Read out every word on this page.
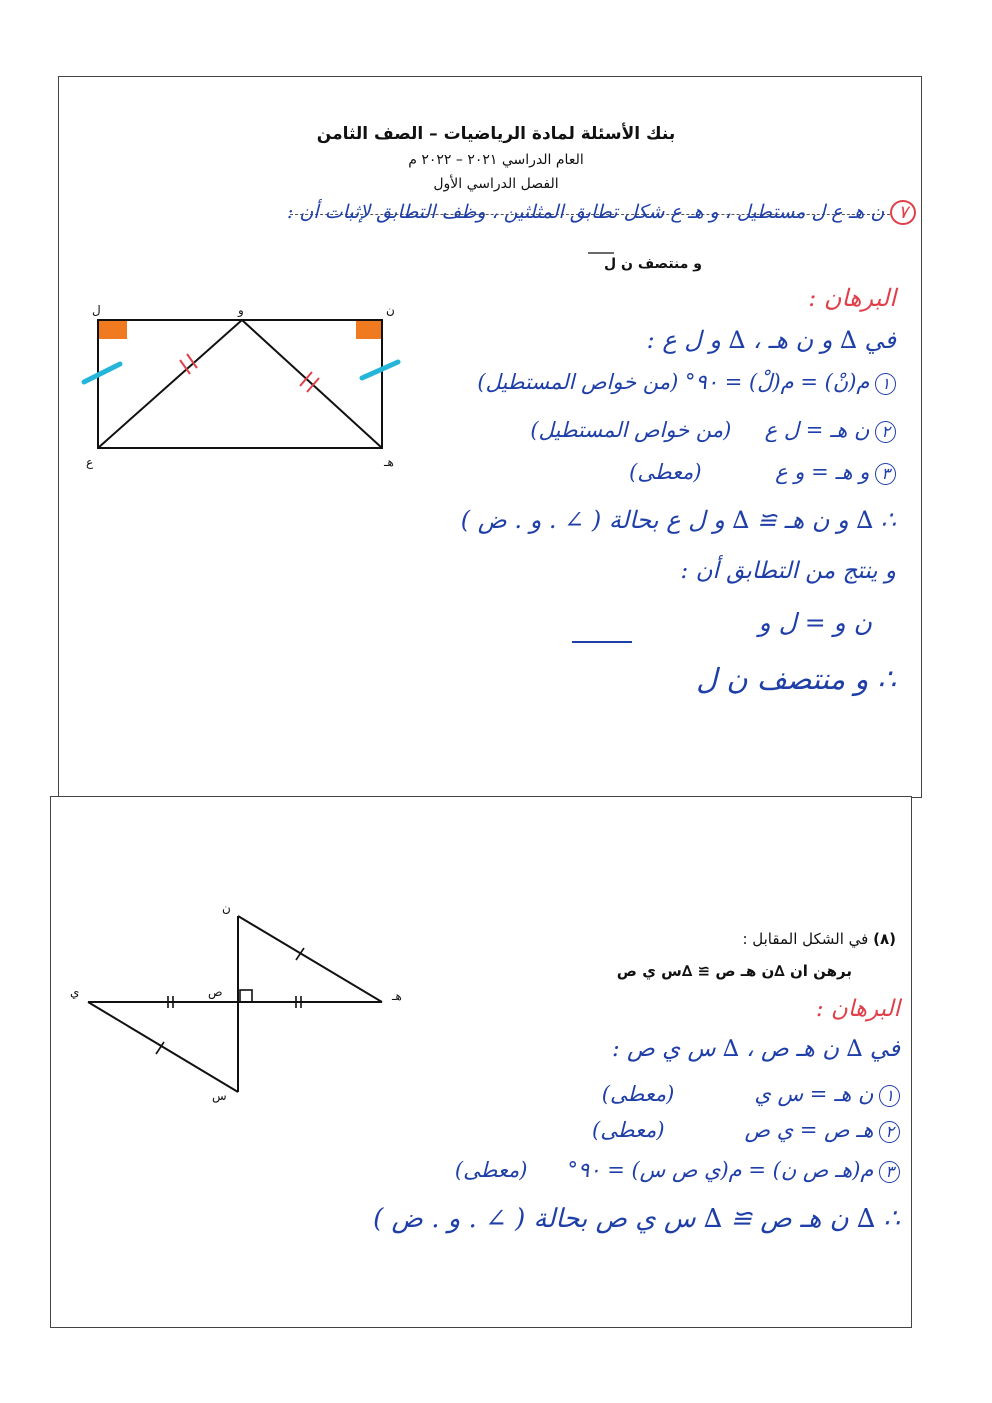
بنك الأسئلة لمادة الرياضيات – الصف الثامن
العام الدراسي ٢٠٢١ – ٢٠٢٢ م
الفصل الدراسي الأول
٧ن هـ ع ل مستطيل ، و هـ ع شكل تطابق المثلثين ، وظف التطابق لإثبات أن :
و منتصف ن ل
ل	و	ن
ع	هـ
البرهان :
في ∆ و ن هـ ، ∆ و ل ع :
١م(نْ) = م(لْ) = ٩٠° (من خواص المستطيل)
٢ن هـ = ل ع     (من خواص المستطيل)
٣و هـ = و ع           (معطى)
∴ ∆ و ن هـ ≅ ∆ و ل ع بحالة ( ∠ . و . ض )
و ينتج من التطابق أن :
ن و = ل و
∴ و منتصف ن ل
(٨) في الشكل المقابل :
برهن ان ∆ن هـ ص ≅ ∆س ي ص
ن
هـ
ص
ي
س
البرهان :
في ∆ ن هـ ص ، ∆ س ي ص :
١ن هـ = س ي            (معطى)
٢هـ ص = ي ص            (معطى)
٣م(هـ ص ن) = م(ي ص س) = ٩٠°      (معطى)
∴ ∆ ن هـ ص ≅ ∆ س ي ص بحالة ( ∠ . و . ض )
